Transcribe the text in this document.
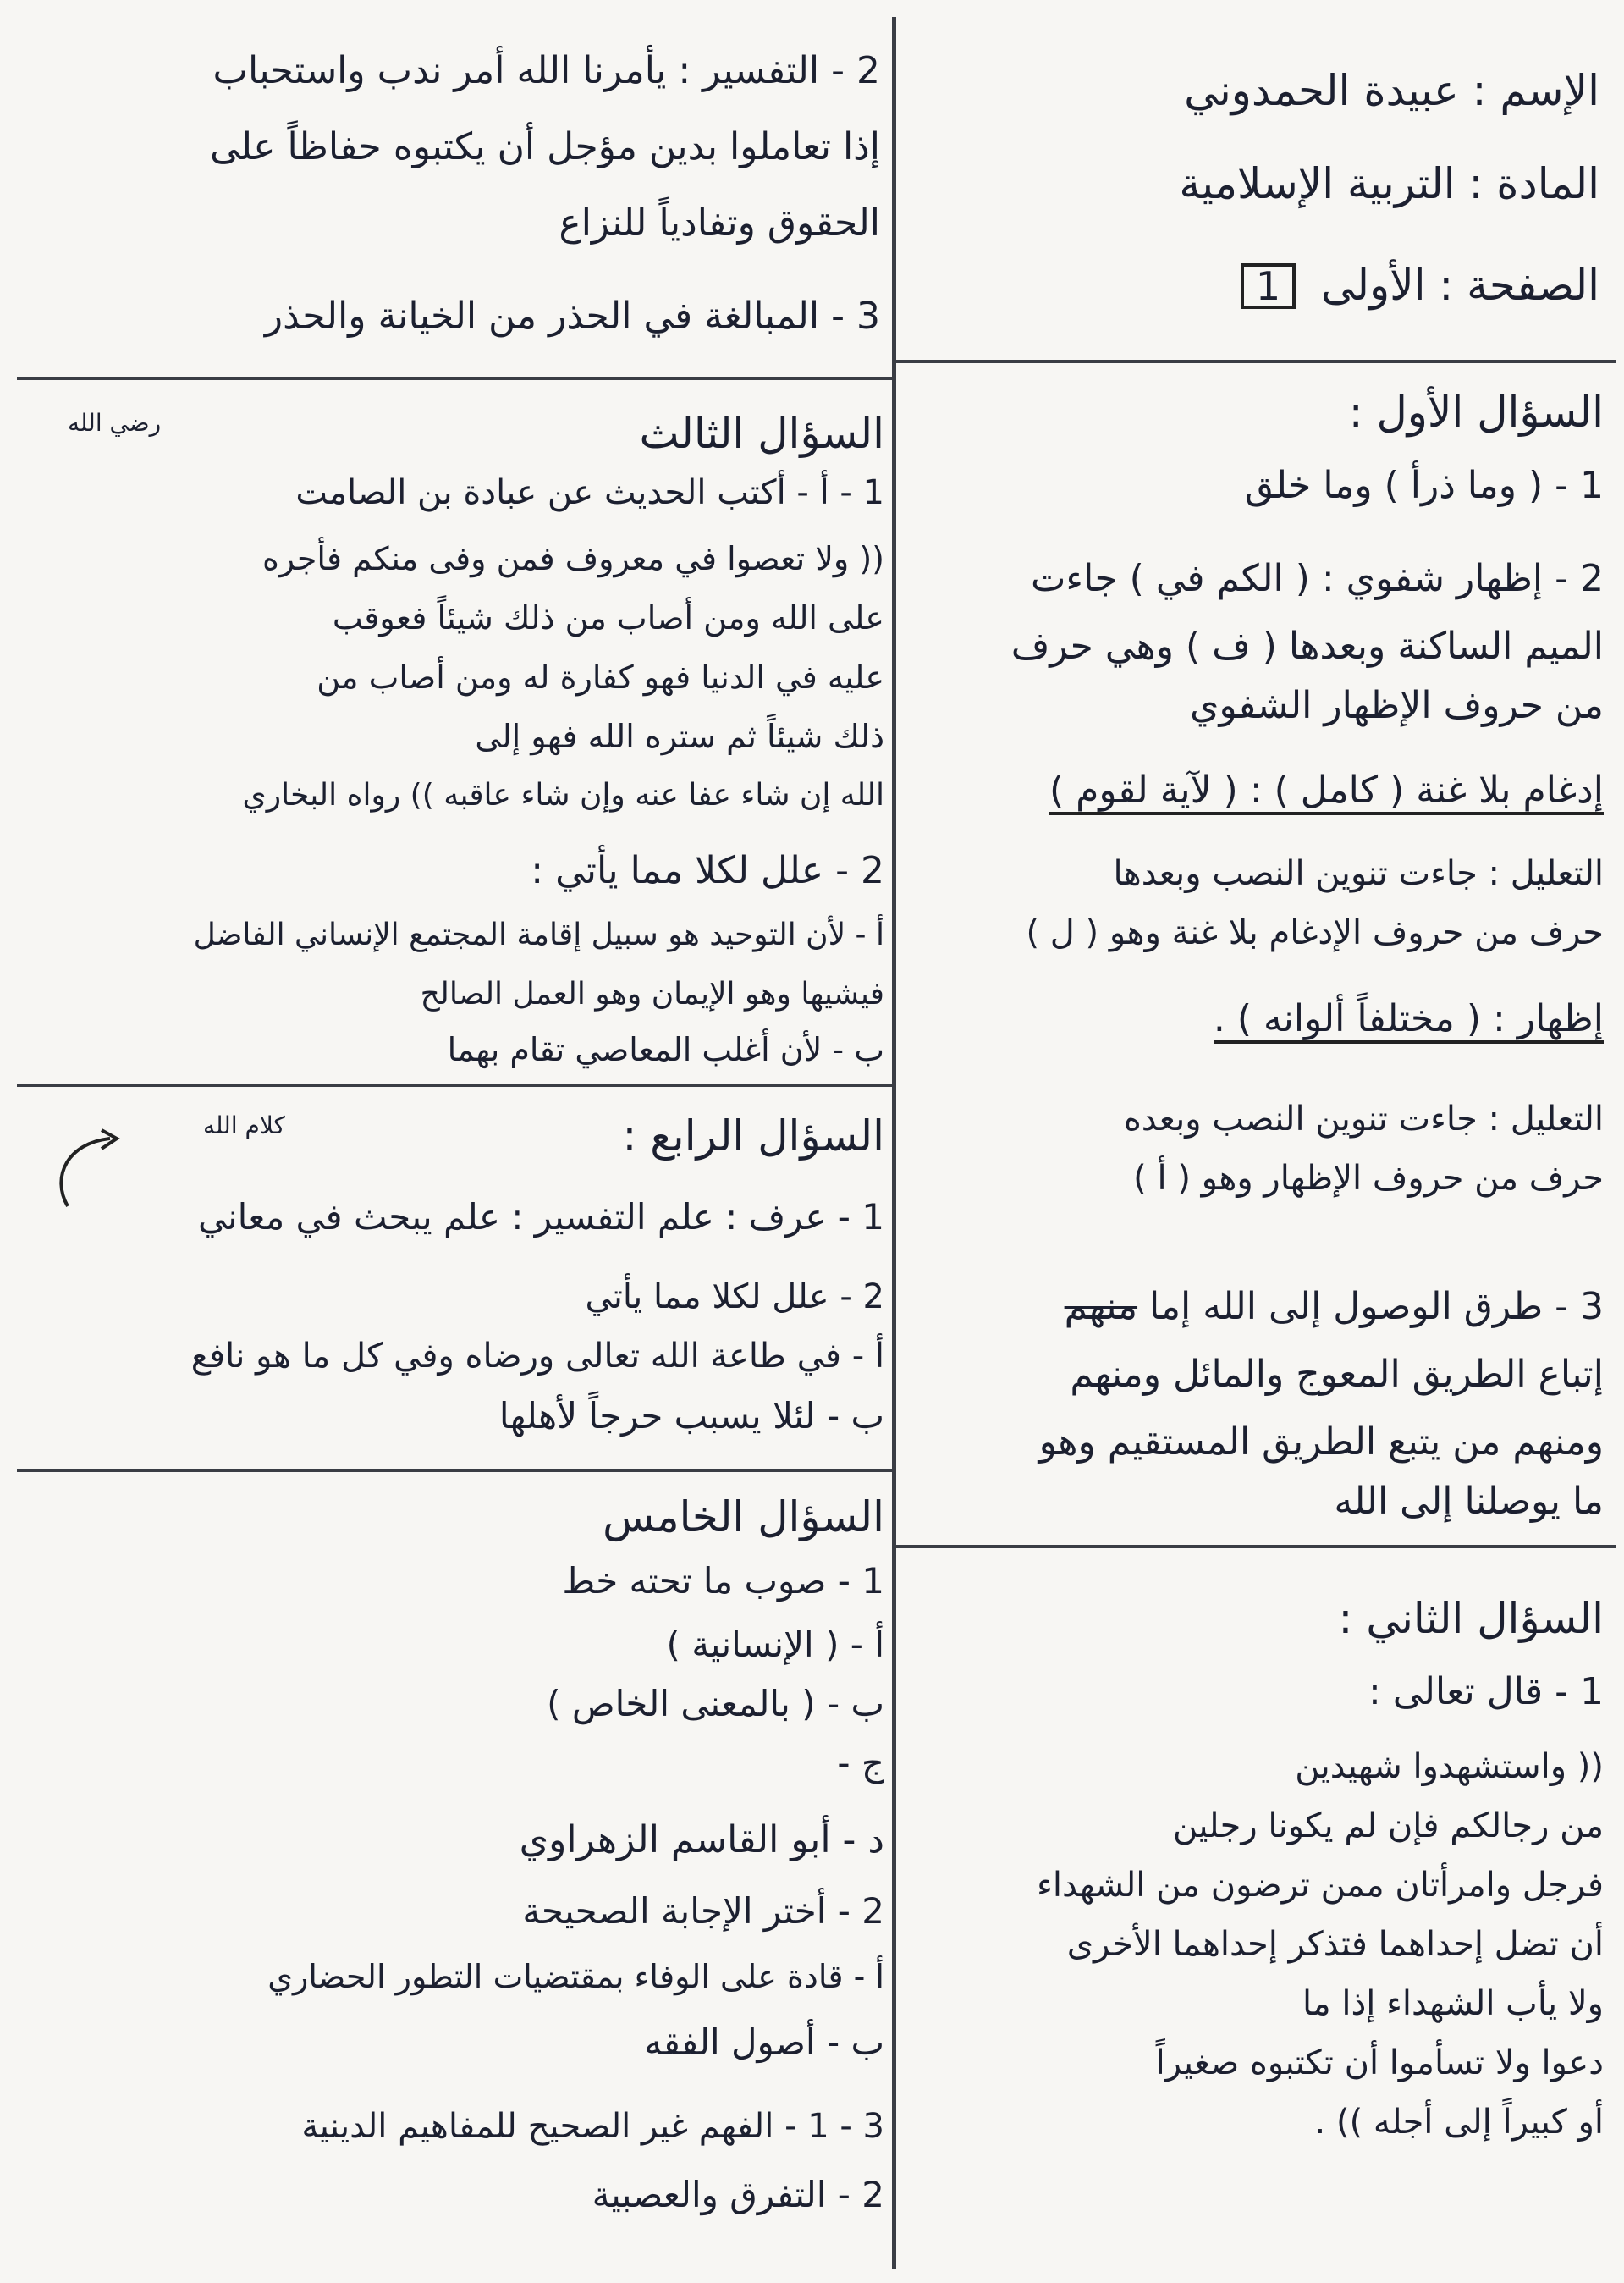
الإسم : عبيدة الحمدوني
المادة : التربية الإسلامية
الصفحة : الأولى 1
2 - التفسير : يأمرنا الله أمر ندب واستحباب
إذا تعاملوا بدين مؤجل أن يكتبوه حفاظاً على
الحقوق وتفادياً للنزاع
3 - المبالغة في الحذر من الخيانة والحذر
السؤال الأول :
1 - ( وما ذرأ ) وما خلق
2 - إظهار شفوي : ( الكم في ) جاءت
الميم الساكنة وبعدها ( ف ) وهي حرف
من حروف الإظهار الشفوي
إدغام بلا غنة ( كامل ) : ( لآية لقوم )
التعليل : جاءت تنوين النصب وبعدها
حرف من حروف الإدغام بلا غنة وهو ( ل )
إظهار : ( مختلفاً ألوانه ) .
التعليل : جاءت تنوين النصب وبعده
حرف من حروف الإظهار وهو ( أ )
3 - طرق الوصول إلى الله إما منهم
إتباع الطريق المعوج والمائل ومنهم
ومنهم من يتبع الطريق المستقيم وهو
ما يوصلنا إلى الله
السؤال الثاني :
1 - قال تعالى :
(( واستشهدوا شهيدين
من رجالكم فإن لم يكونا رجلين
فرجل وامرأتان ممن ترضون من الشهداء
أن تضل إحداهما فتذكر إحداهما الأخرى
ولا يأب الشهداء إذا ما
دعوا ولا تسأموا أن تكتبوه صغيراً
أو كبيراً إلى أجله )) .
رضي الله	السؤال الثالث
1 - أ - أكتب الحديث عن عبادة بن الصامت
(( ولا تعصوا في معروف فمن وفى منكم فأجره
على الله ومن أصاب من ذلك شيئاً فعوقب
عليه في الدنيا فهو كفارة له ومن أصاب من
ذلك شيئاً ثم ستره الله فهو إلى
الله إن شاء عفا عنه وإن شاء عاقبه )) رواه البخاري
2 - علل لكلا مما يأتي :
أ - لأن التوحيد هو سبيل إقامة المجتمع الإنساني الفاضل
فيشيها وهو الإيمان وهو العمل الصالح
ب - لأن أغلب المعاصي تقام بهما
كلام الله	السؤال الرابع :
1 - عرف : علم التفسير : علم يبحث في معاني
2 - علل لكلا مما يأتي
أ - في طاعة الله تعالى ورضاه وفي كل ما هو نافع
ب - لئلا يسبب حرجاً لأهلها
السؤال الخامس
1 - صوب ما تحته خط
أ - ( الإنسانية )
ب - ( بالمعنى الخاص )
ج -
د - أبو القاسم الزهراوي
2 - أختر الإجابة الصحيحة
أ - قادة على الوفاء بمقتضيات التطور الحضاري
ب - أصول الفقه
3 - 1 - الفهم غير الصحيح للمفاهيم الدينية
2 - التفرق والعصبية
